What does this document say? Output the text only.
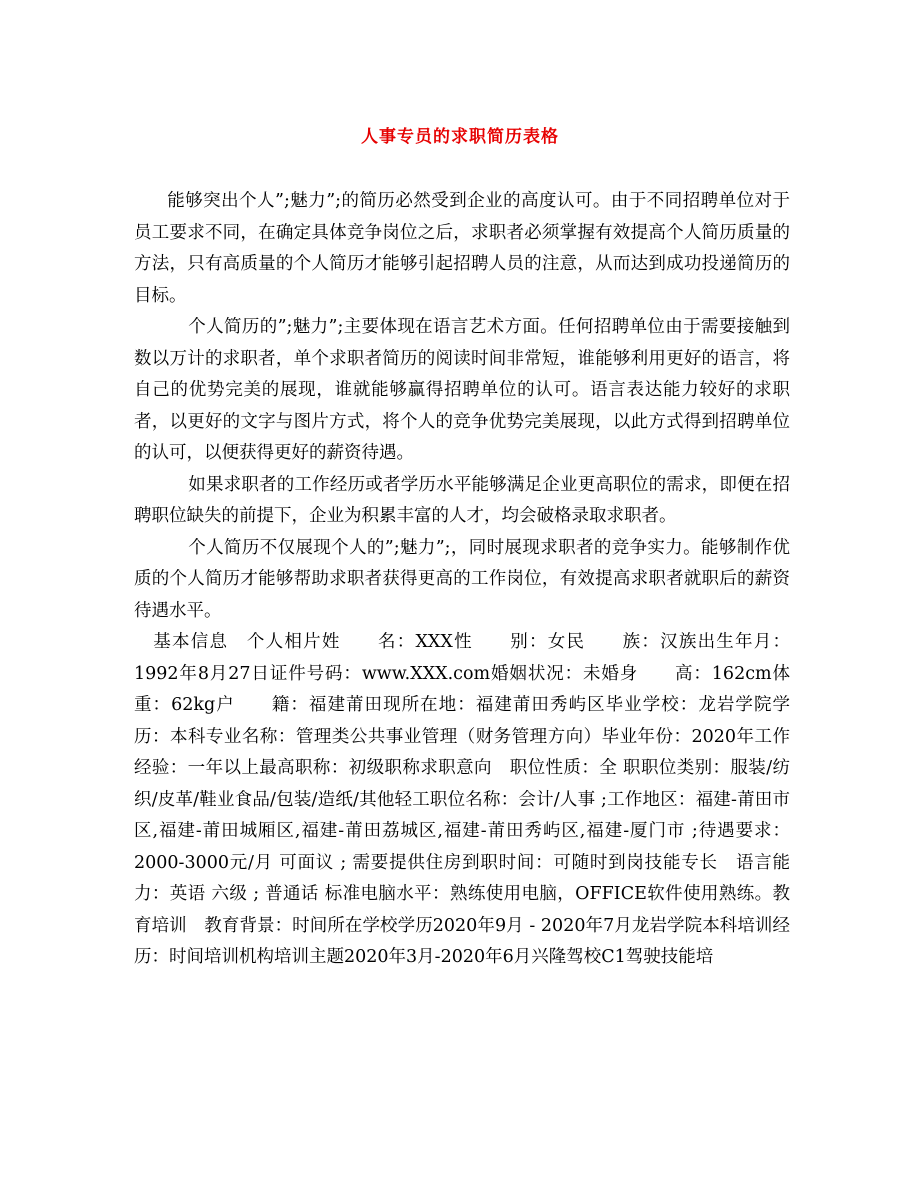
人事专员的求职简历表格

能够突出个人”;魅力”;的简历必然受到企业的高度认可。由于不同招聘单位对于员工要求不同，在确定具体竞争岗位之后，求职者必须掌握有效提高个人简历质量的方法，只有高质量的个人简历才能够引起招聘人员的注意，从而达到成功投递简历的目标。

个人简历的”;魅力”;主要体现在语言艺术方面。任何招聘单位由于需要接触到数以万计的求职者，单个求职者简历的阅读时间非常短，谁能够利用更好的语言，将自己的优势完美的展现，谁就能够赢得招聘单位的认可。语言表达能力较好的求职者，以更好的文字与图片方式，将个人的竞争优势完美展现，以此方式得到招聘单位的认可，以便获得更好的薪资待遇。

如果求职者的工作经历或者学历水平能够满足企业更高职位的需求，即便在招聘职位缺失的前提下，企业为积累丰富的人才，均会破格录取求职者。

个人简历不仅展现个人的”;魅力”;，同时展现求职者的竞争实力。能够制作优质的个人简历才能够帮助求职者获得更高的工作岗位，有效提高求职者就职后的薪资待遇水平。

基本信息　个人相片姓　　名：XXX性　　别：女民　　族：汉族出生年月：1992年8月27日证件号码：www.XXX.com婚姻状况：未婚身　　高：162cm体　　重：62kg户　　籍：福建莆田现所在地：福建莆田秀屿区毕业学校：龙岩学院学　　历：本科专业名称：管理类公共事业管理（财务管理方向）毕业年份：2020年工作经验：一年以上最高职称：初级职称求职意向　职位性质：全 职职位类别：服装/纺织/皮革/鞋业食品/包装/造纸/其他轻工职位名称：会计/人事 ;工作地区：福建-莆田市区,福建-莆田城厢区,福建-莆田荔城区,福建-莆田秀屿区,福建-厦门市 ;待遇要求：2000-3000元/月 可面议 ; 需要提供住房到职时间：可随时到岗技能专长　语言能力：英语 六级 ; 普通话 标准电脑水平：熟练使用电脑，OFFICE软件使用熟练。教育培训　教育背景：时间所在学校学历2020年9月 - 2020年7月龙岩学院本科培训经历：时间培训机构培训主题2020年3月-2020年6月兴隆驾校C1驾驶技能培
